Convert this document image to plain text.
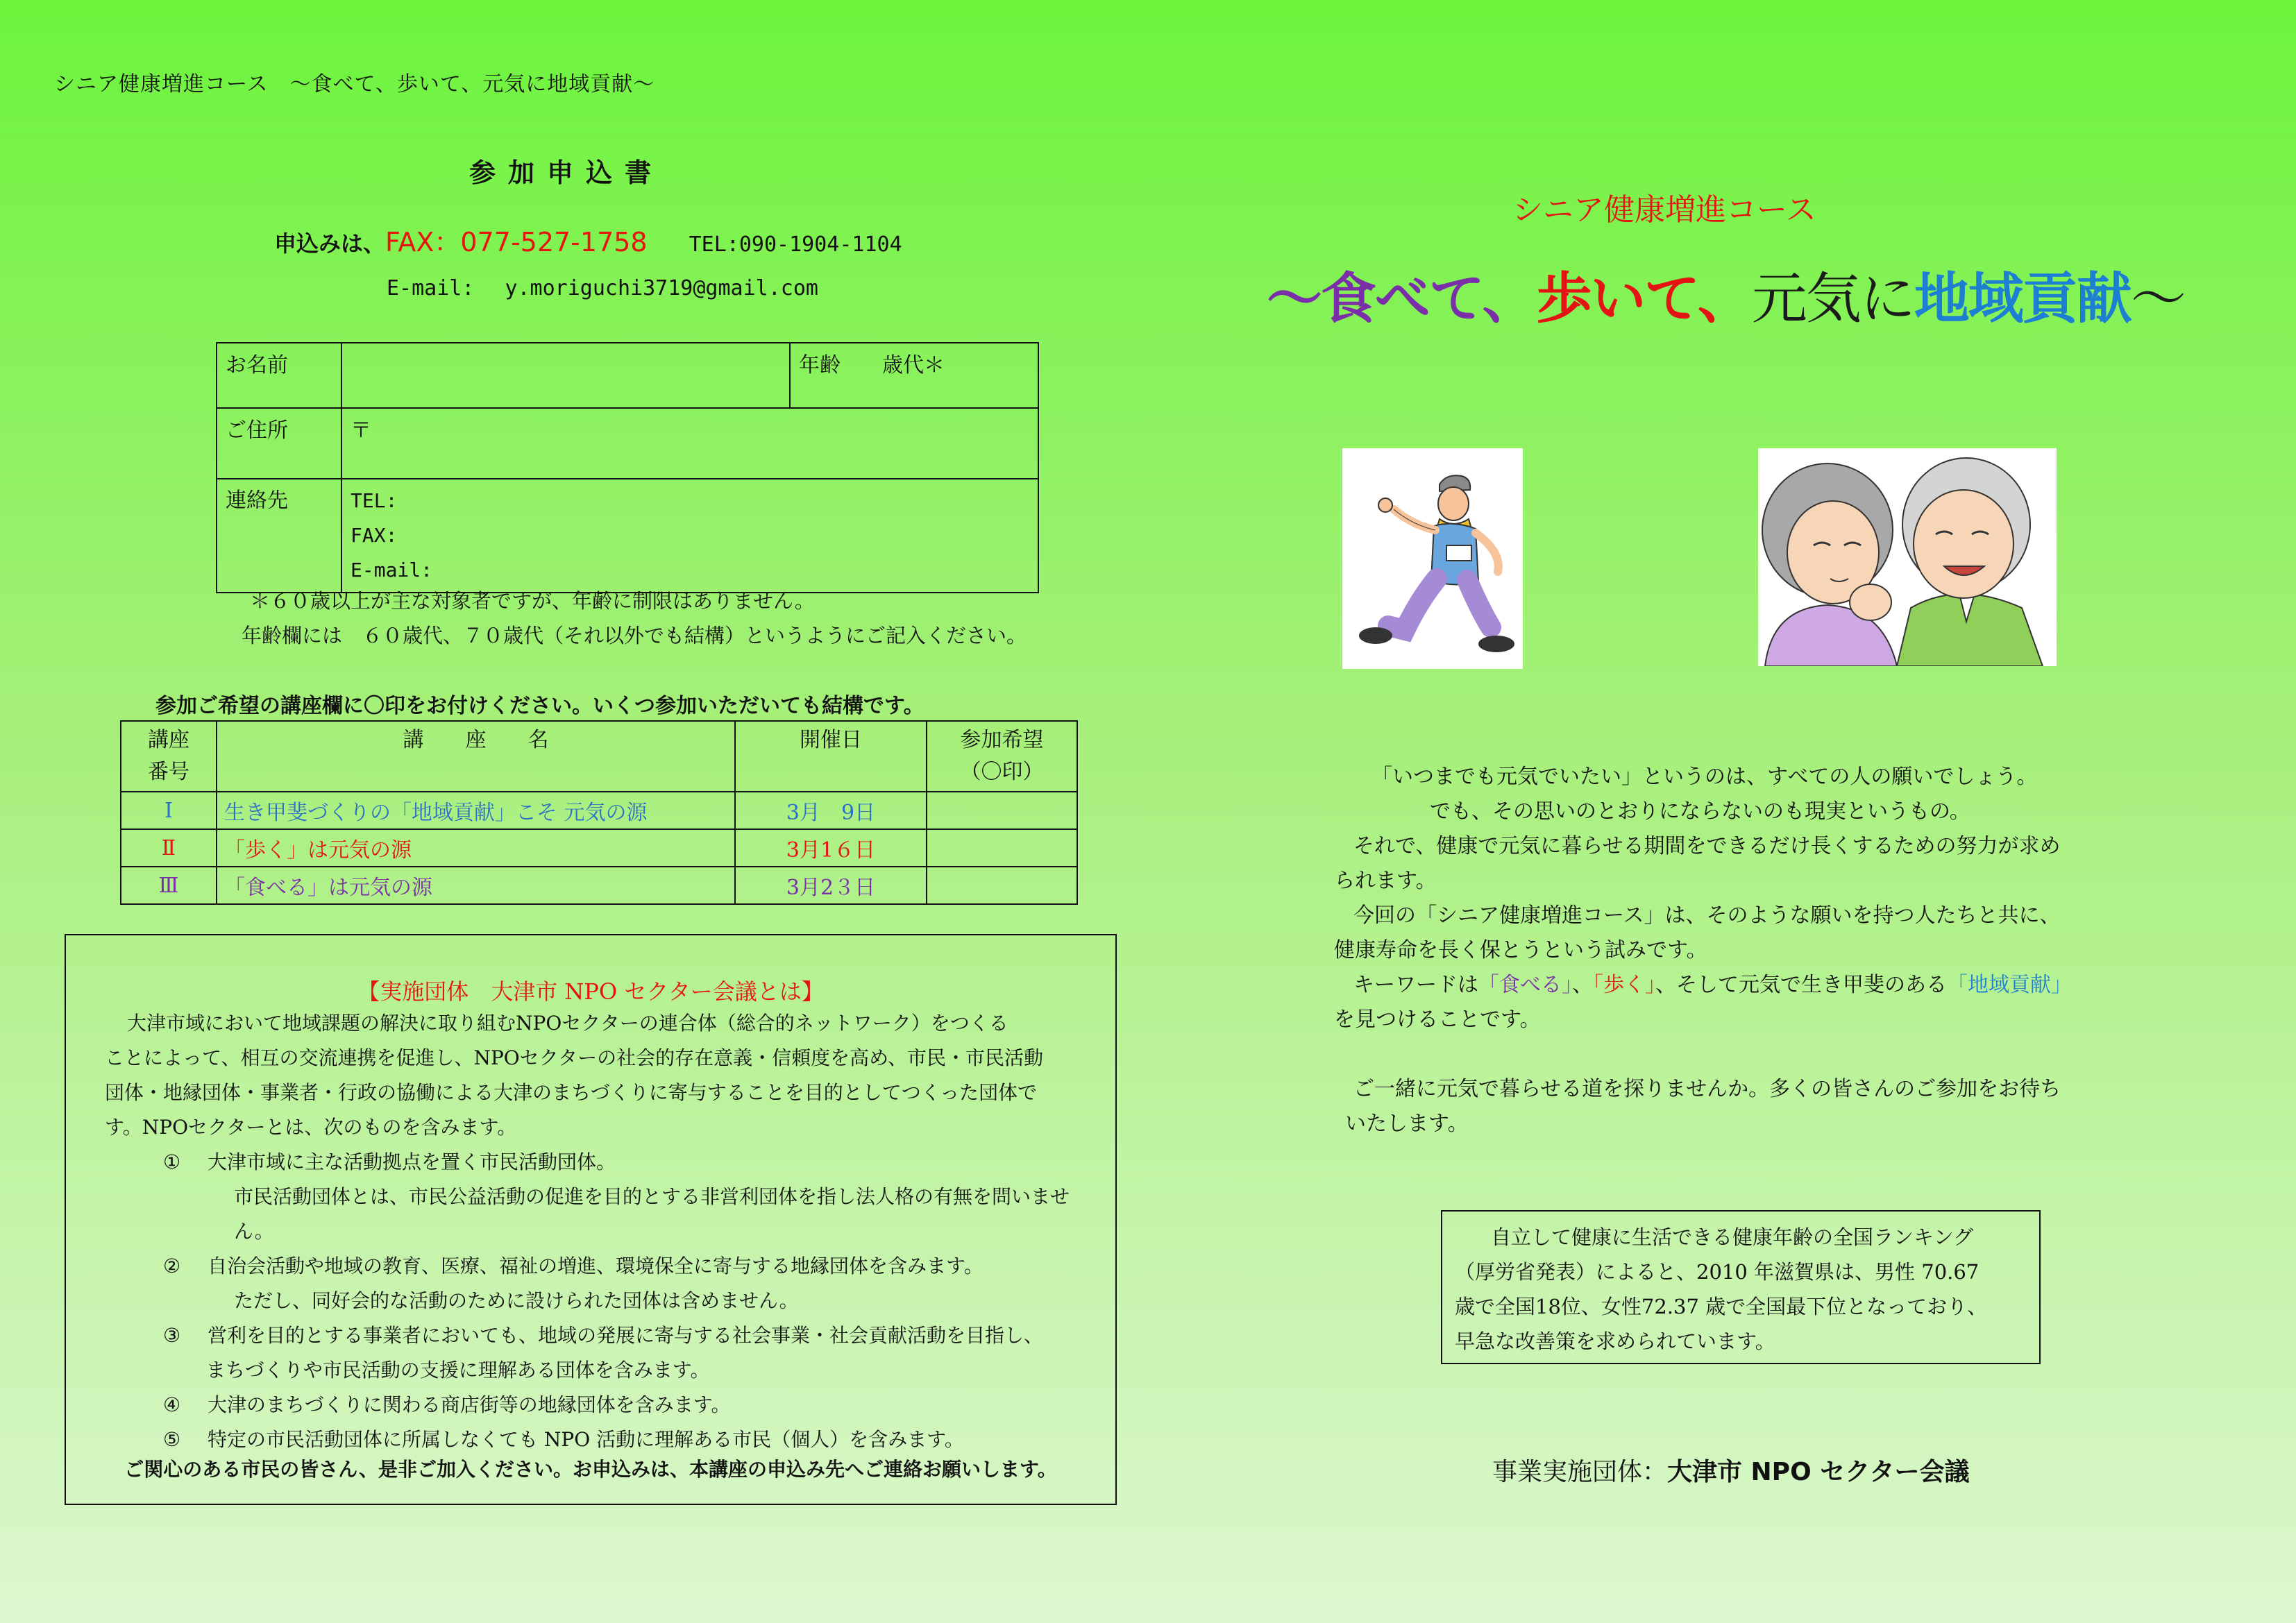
シニア健康増進コース　～食べて、歩いて、元気に地域貢献～
参加申込書
申込みは、FAX：077-527-1758 TEL:090-1904-1104
E-mail: y.moriguchi3719@gmail.com
お名前		年齢　　歳代＊
ご住所	〒	
連絡先	TEL:
FAX:
E-mail:	
＊６０歳以上が主な対象者ですが、年齢に制限はありません。
年齢欄には　６０歳代、７０歳代（それ以外でも結構）というようにご記入ください。
参加ご希望の講座欄に〇印をお付けください。いくつ参加いただいても結構です。
講座
番号	講　　座　　名	開催日	参加希望
（〇印）
Ⅰ	生き甲斐づくりの「地域貢献」こそ 元気の源	3月　9日	
Ⅱ	「歩く」は元気の源	3月1６日	
Ⅲ	「食べる」は元気の源	3月2３日	
【実施団体　大津市 NPO セクター会議とは】

大津市域において地域課題の解決に取り組むNPOセクターの連合体（総合的ネットワーク）をつくる

ことによって、相互の交流連携を促進し、NPOセクターの社会的存在意義・信頼度を高め、市民・市民活動

団体・地縁団体・事業者・行政の協働による大津のまちづくりに寄与することを目的としてつくった団体で

す。NPOセクターとは、次のものを含みます。

① 大津市域に主な活動拠点を置く市民活動団体。

市民活動団体とは、市民公益活動の促進を目的とする非営利団体を指し法人格の有無を問いません。

② 自治会活動や地域の教育、医療、福祉の増進、環境保全に寄与する地縁団体を含みます。

ただし、同好会的な活動のために設けられた団体は含めません。

③ 営利を目的とする事業者においても、地域の発展に寄与する社会事業・社会貢献活動を目指し、

まちづくりや市民活動の支援に理解ある団体を含みます。

④ 大津のまちづくりに関わる商店街等の地縁団体を含みます。

⑤ 特定の市民活動団体に所属しなくても NPO 活動に理解ある市民（個人）を含みます。

ご関心のある市民の皆さん、是非ご加入ください。お申込みは、本講座の申込み先へご連絡お願いします。
シニア健康増進コース
～食べて、歩いて、元気に地域貢献～

「いつまでも元気でいたい」というのは、すべての人の願いでしょう。

でも、その思いのとおりにならないのも現実というもの。

それで、健康で元気に暮らせる期間をできるだけ長くするための努力が求め

られます。

今回の「シニア健康増進コース」は、そのような願いを持つ人たちと共に、

健康寿命を長く保とうという試みです。

キーワードは「食べる」、「歩く」、そして元気で生き甲斐のある「地域貢献」

を見つけることです。

ご一緒に元気で暮らせる道を探りませんか。多くの皆さんのご参加をお待ち

いたします。

自立して健康に生活できる健康年齢の全国ランキング
（厚労省発表）によると、2010 年滋賀県は、男性 70.67
歳で全国18位、女性72.37 歳で全国最下位となっており、
早急な改善策を求められています。
事業実施団体：大津市 NPO セクター会議
